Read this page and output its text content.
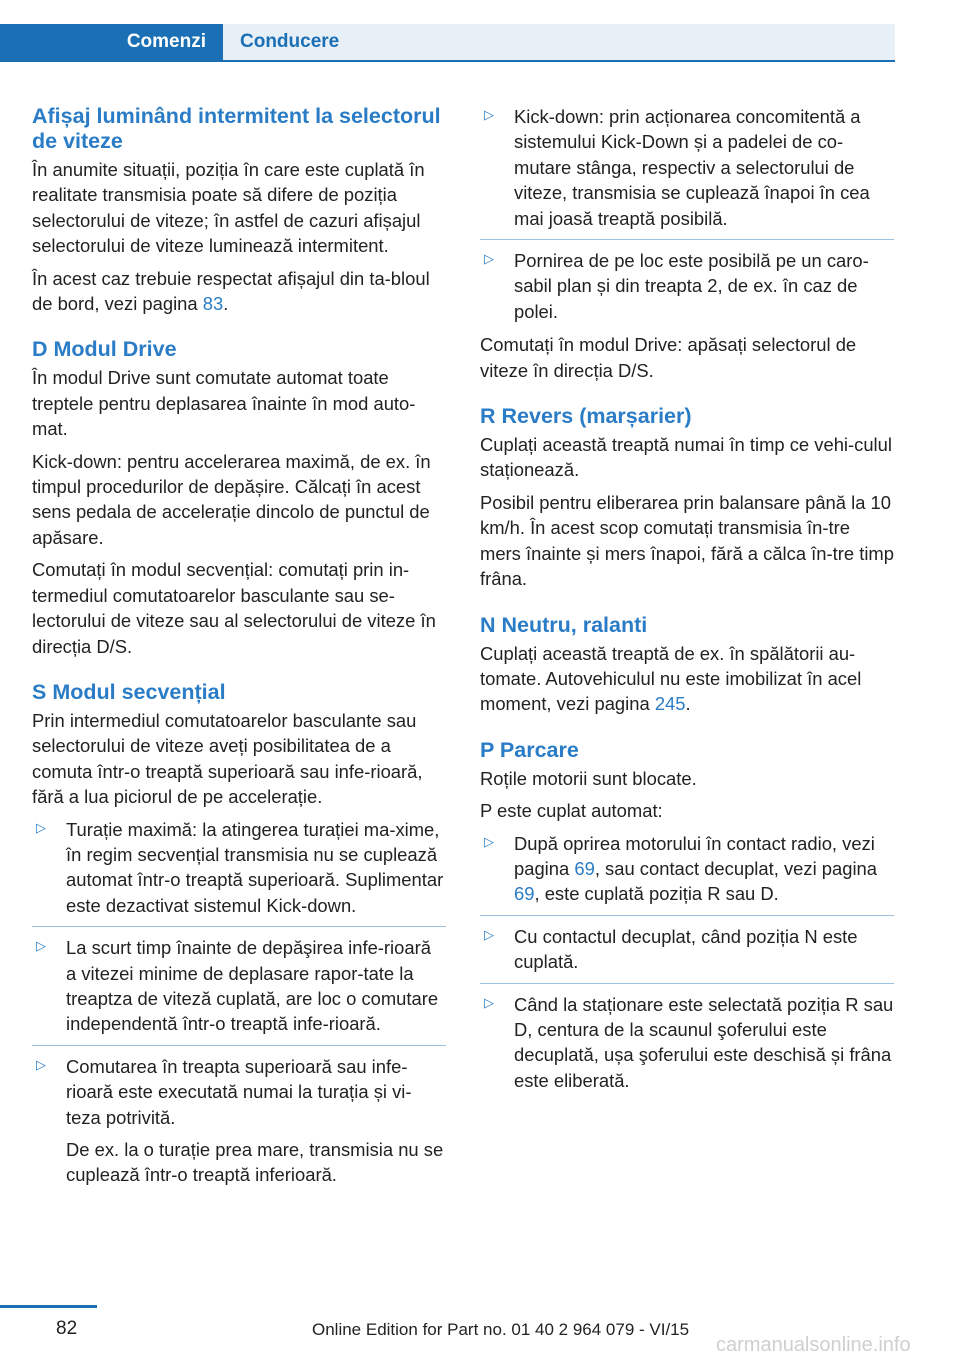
Comenzi	Conducere
Afișaj luminând intermitent la selectorul de viteze

În anumite situații, poziția în care este cuplată în realitate transmisia poate să difere de poziția selectorului de viteze; în astfel de cazuri afișajul selectorului de viteze luminează intermitent.

În acest caz trebuie respectat afișajul din ta-bloul de bord, vezi pagina 83.

D Modul Drive

În modul Drive sunt comutate automat toate treptele pentru deplasarea înainte în mod auto-mat.

Kick-down: pentru accelerarea maximă, de ex. în timpul procedurilor de depășire. Călcați în acest sens pedala de accelerație dincolo de punctul de apăsare.

Comutați în modul secvențial: comutați prin in-termediul comutatoarelor basculante sau se-lectorului de viteze sau al selectorului de viteze în direcția D/S.

S Modul secvențial

Prin intermediul comutatoarelor basculante sau selectorului de viteze aveți posibilitatea de a comuta într-o treaptă superioară sau infe-rioară, fără a lua piciorul de pe accelerație.

▷ Turație maximă: la atingerea turației ma-xime, în regim secvențial transmisia nu se cuplează automat într-o treaptă superioară. Suplimentar este dezactivat sistemul Kick-down.

▷ La scurt timp înainte de depăşirea infe-rioară a vitezei minime de deplasare rapor-tate la treaptza de viteză cuplată, are loc o comutare independentă într-o treaptă infe-rioară.

▷ Comutarea în treapta superioară sau infe-rioară este executată numai la turația și vi-teza potrivită.

De ex. la o turație prea mare, transmisia nu se cuplează într-o treaptă inferioară.

▷ Kick-down: prin acționarea concomitentă a sistemului Kick-Down și a padelei de co-mutare stânga, respectiv a selectorului de viteze, transmisia se cuplează înapoi în cea mai joasă treaptă posibilă.

▷ Pornirea de pe loc este posibilă pe un caro-sabil plan și din treapta 2, de ex. în caz de polei.

Comutați în modul Drive: apăsați selectorul de viteze în direcția D/S.

R Revers (marșarier)

Cuplați această treaptă numai în timp ce vehi-culul staționează.

Posibil pentru eliberarea prin balansare până la 10 km/h. În acest scop comutați transmisia în-tre mers înainte și mers înapoi, fără a călca în-tre timp frâna.

N Neutru, ralanti

Cuplați această treaptă de ex. în spălătorii au-tomate. Autovehiculul nu este imobilizat în acel moment, vezi pagina 245.

P Parcare

Roțile motorii sunt blocate.

P este cuplat automat:

▷ După oprirea motorului în contact radio, vezi pagina 69, sau contact decuplat, vezi pagina 69, este cuplată poziția R sau D.

▷ Cu contactul decuplat, când poziția N este cuplată.

▷ Când la staționare este selectată poziția R sau D, centura de la scaunul şoferului este decuplată, ușa şoferului este deschisă și frâna este eliberată.

82	Online Edition for Part no. 01 40 2 964 079 - VI/15
carmanualsonline.info
